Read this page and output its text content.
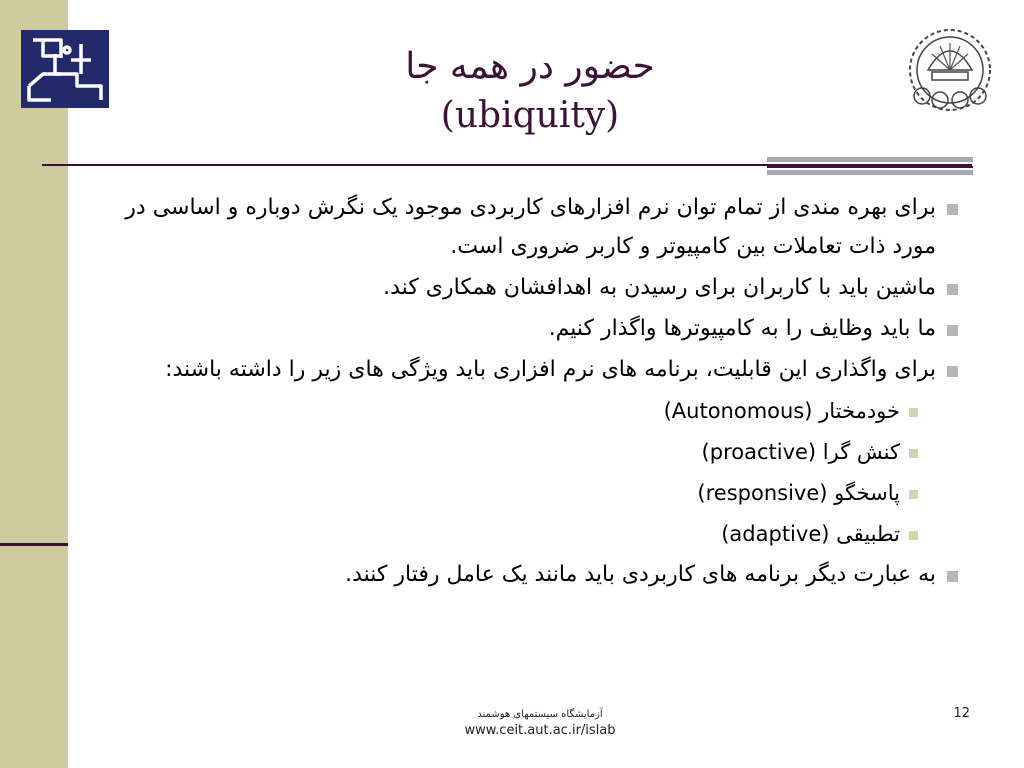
حضور در همه جا
(ubiquity)
برای بهره مندی از تمام توان نرم افزارهای کاربردی موجود یک نگرش دوباره و اساسی در مورد ذات تعاملات بین کامپیوتر و کاربر ضروری است.
ماشین باید با کاربران برای رسیدن به اهدافشان همکاری کند.
ما باید وظایف را به کامپیوترها واگذار کنیم.
برای واگذاری این قابلیت، برنامه های نرم افزاری باید ویژگی های زیر را داشته باشند:
خودمختار (Autonomous)
کنش گرا (proactive)
پاسخگو (responsive)
تطبیقی (adaptive)
به عبارت دیگر برنامه های کاربردی باید مانند یک عامل رفتار کنند.
آزمایشگاه سیستمهای هوشمند
www.ceit.aut.ac.ir/islab
12
